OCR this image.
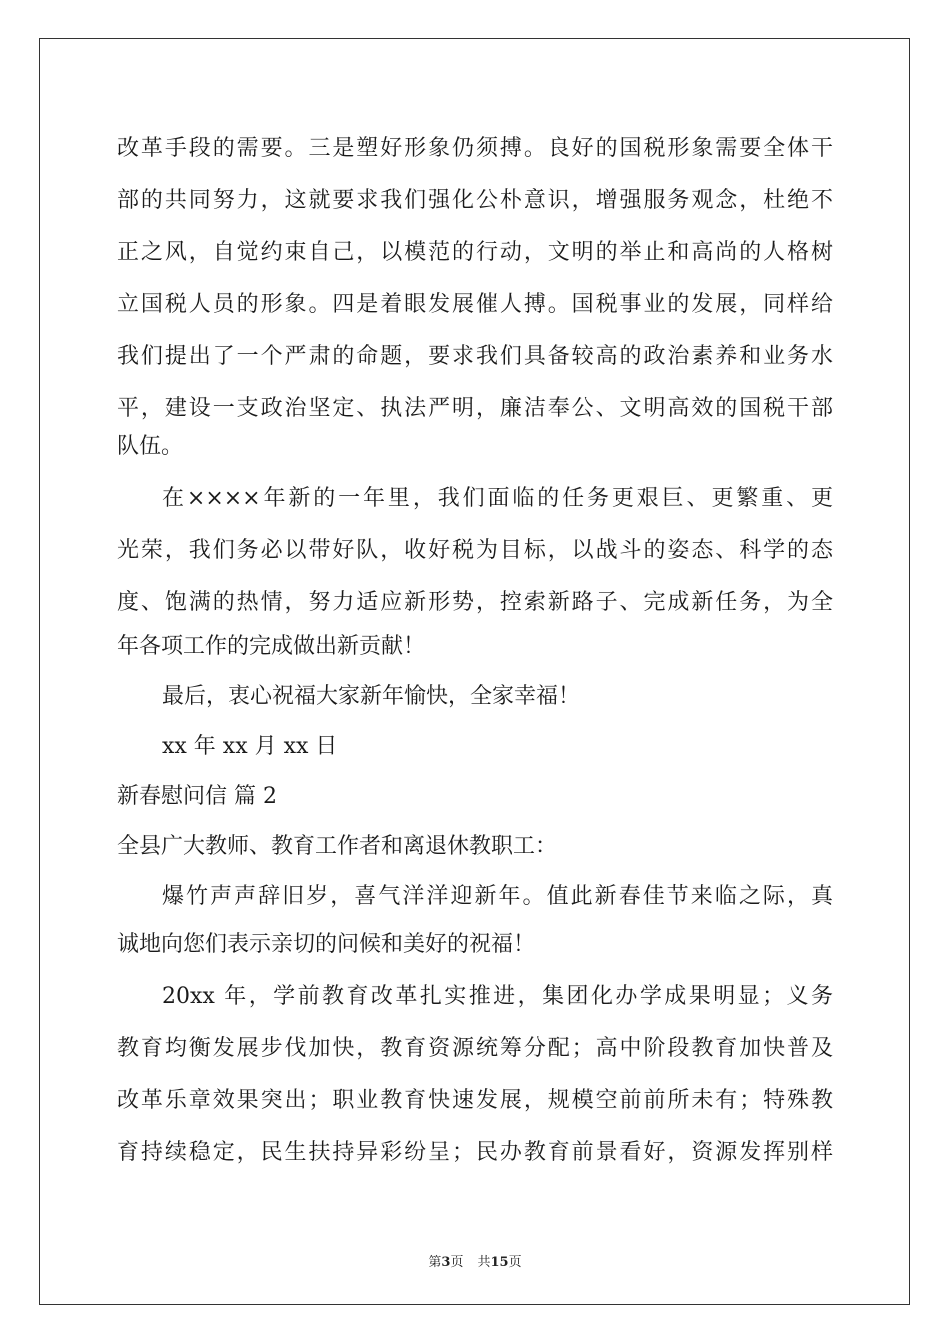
改革手段的需要。三是塑好形象仍须搏。良好的国税形象需要全体干
部的共同努力，这就要求我们强化公朴意识，增强服务观念，杜绝不
正之风，自觉约束自己，以模范的行动，文明的举止和高尚的人格树
立国税人员的形象。四是着眼发展催人搏。国税事业的发展，同样给
我们提出了一个严肃的命题，要求我们具备较高的政治素养和业务水
平，建设一支政治坚定、执法严明，廉洁奉公、文明高效的国税干部
队伍。
在××××年新的一年里，我们面临的任务更艰巨、更繁重、更
光荣，我们务必以带好队，收好税为目标，以战斗的姿态、科学的态
度、饱满的热情，努力适应新形势，控索新路子、完成新任务，为全
年各项工作的完成做出新贡献！
最后，衷心祝福大家新年愉快，全家幸福！
xx 年 xx 月 xx 日
新春慰问信 篇 2
全县广大教师、教育工作者和离退休教职工：
爆竹声声辞旧岁，喜气洋洋迎新年。值此新春佳节来临之际，真
诚地向您们表示亲切的问候和美好的祝福！
20xx 年，学前教育改革扎实推进，集团化办学成果明显；义务
教育均衡发展步伐加快，教育资源统筹分配；高中阶段教育加快普及
改革乐章效果突出；职业教育快速发展，规模空前前所未有；特殊教
育持续稳定，民生扶持异彩纷呈；民办教育前景看好，资源发挥别样
第3页 共15页
